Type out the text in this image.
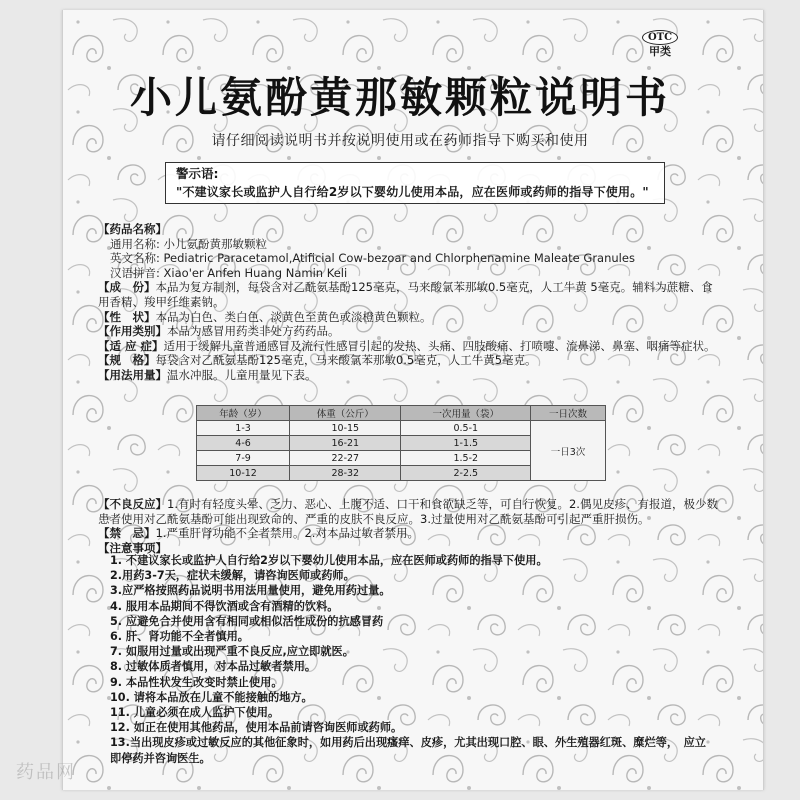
OTC
甲类
小儿氨酚黄那敏颗粒说明书
请仔细阅读说明书并按说明使用或在药师指导下购买和使用
警示语:
"不建议家长或监护人自行给2岁以下婴幼儿使用本品，应在医师或药师的指导下使用。"
【药品名称】
通用名称: 小儿氨酚黄那敏颗粒
英文名称: Pediatric Paracetamol,Atificial Cow-bezoar and Chlorphenamine Maleate Granules
汉语拼音: Xiao'er Anfen Huang Namin Keli
【成　份】本品为复方制剂，每袋含对乙酰氨基酚125毫克，马来酸氯苯那敏0.5毫克，人工牛黄 5毫克。辅料为蔗糖、食用香精、羧甲纤维素钠。
【性　状】本品为白色、类白色、淡黄色至黄色或淡橙黄色颗粒。
【作用类别】本品为感冒用药类非处方药药品。
【适 应 症】适用于缓解儿童普通感冒及流行性感冒引起的发热、头痛、四肢酸痛、打喷嚏、流鼻涕、鼻塞、咽痛等症状。
【规　格】每袋含对乙酰氨基酚125毫克，马来酸氯苯那敏0.5毫克，人工牛黄5毫克。
【用法用量】温水冲服。儿童用量见下表。
年龄（岁）	体重（公斤）	一次用量（袋）	一日次数
1-3	10-15	0.5-1	一日3次
4-6	16-21	1-1.5	
7-9	22-27	1.5-2	
10-12	28-32	2-2.5	
【不良反应】1.有时有轻度头晕、乏力、恶心、上腹不适、口干和食欲缺乏等，可自行恢复。2.偶见皮疹、有报道，极少数患者使用对乙酰氨基酚可能出现致命的、严重的皮肤不良反应。3.过量使用对乙酰氨基酚可引起严重肝损伤。
【禁　忌】1.严重肝肾功能不全者禁用。2.对本品过敏者禁用。
【注意事项】
1. 不建议家长或监护人自行给2岁以下婴幼儿使用本品，应在医师或药师的指导下使用。
2.用药3-7天，症状未缓解，请咨询医师或药师。
3.应严格按照药品说明书用法用量使用，避免用药过量。
4. 服用本品期间不得饮酒或含有酒精的饮料。
5. 应避免合并使用含有相同或相似活性成份的抗感冒药
6. 肝、肾功能不全者慎用。
7. 如服用过量或出现严重不良反应,应立即就医。
8. 过敏体质者慎用，对本品过敏者禁用。
9. 本品性状发生改变时禁止使用。
10. 请将本品放在儿童不能接触的地方。
11. 儿童必须在成人监护下使用。
12. 如正在使用其他药品，使用本品前请咨询医师或药师。
13.当出现皮疹或过敏反应的其他征象时，如用药后出现瘙痒、皮疹，尤其出现口腔、眼、外生殖器红斑、糜烂等，　应立即停药并咨询医生。
药品网
